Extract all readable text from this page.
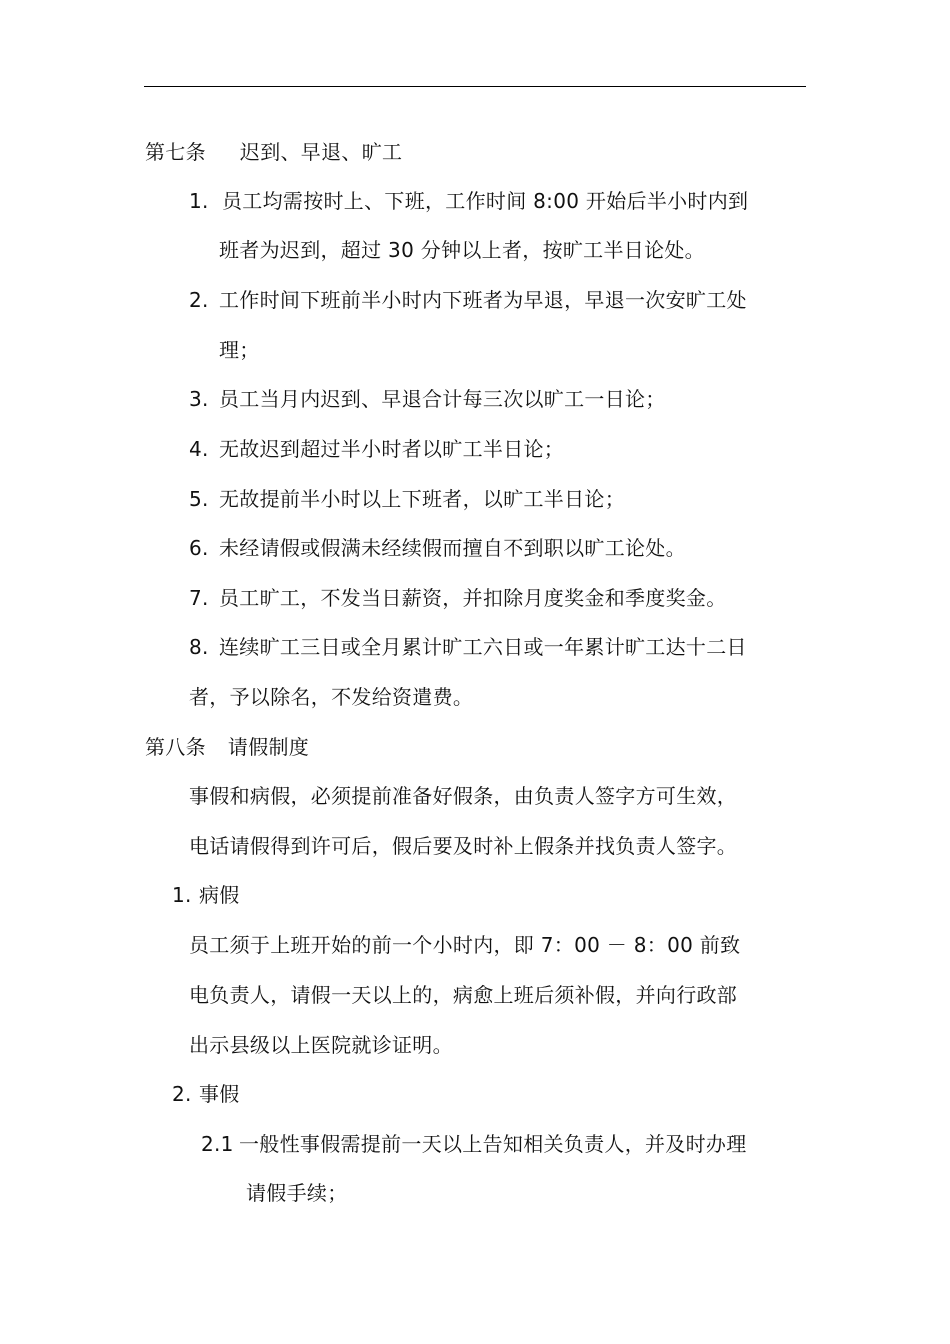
第七条 迟到、早退、旷工
1. 员工均需按时上、下班，工作时间 8:00 开始后半小时内到
班者为迟到，超过 30 分钟以上者，按旷工半日论处。
2. 工作时间下班前半小时内下班者为早退，早退一次安旷工处
理；
3. 员工当月内迟到、早退合计每三次以旷工一日论；
4. 无故迟到超过半小时者以旷工半日论；
5. 无故提前半小时以上下班者，以旷工半日论；
6. 未经请假或假满未经续假而擅自不到职以旷工论处。
7. 员工旷工，不发当日薪资，并扣除月度奖金和季度奖金。
8. 连续旷工三日或全月累计旷工六日或一年累计旷工达十二日
者，予以除名，不发给资遣费。
第八条 请假制度
事假和病假，必须提前准备好假条，由负责人签字方可生效，
电话请假得到许可后，假后要及时补上假条并找负责人签字。
1. 病假
员工须于上班开始的前一个小时内，即 7：00 － 8：00 前致
电负责人，请假一天以上的，病愈上班后须补假，并向行政部
出示县级以上医院就诊证明。
2. 事假
2.1 一般性事假需提前一天以上告知相关负责人，并及时办理
请假手续；
